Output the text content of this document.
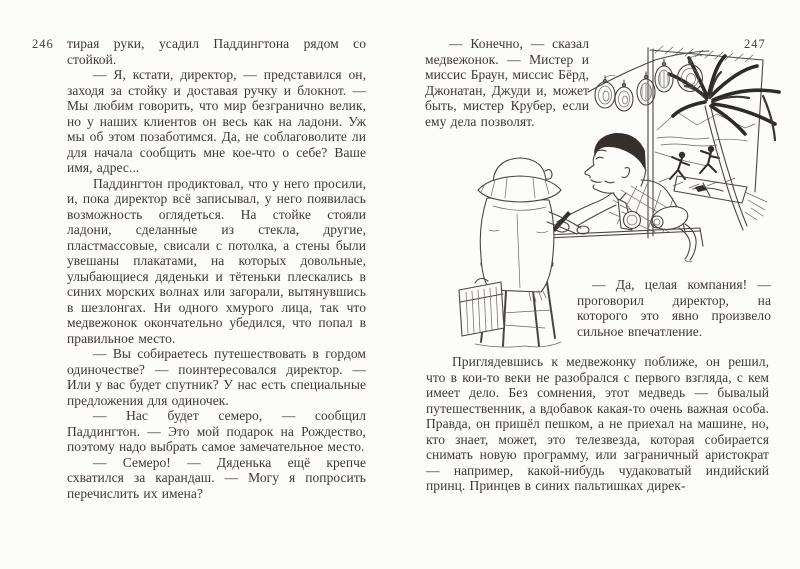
246 тирая руки, усадил Паддингтона рядом со стойкой.

— Я, кстати, директор, — представился он, заходя за стойку и доставая ручку и блокнот. — Мы любим говорить, что мир безгранично велик, но у наших клиентов он весь как на ладони. Уж мы об этом позаботимся. Да, не соблаговолите ли для начала сообщить мне кое-что о себе? Ваше имя, адрес...

Паддингтон продиктовал, что у него просили, и, пока директор всё записывал, у него появилась возможность оглядеться. На стойке стояли ладони, сделанные из стекла, другие, пластмассовые, свисали с потолка, а стены были увешаны плакатами, на которых довольные, улыбающиеся дяденьки и тётеньки плескались в синих морских волнах или загорали, вытянувшись в шезлонгах. Ни одного хмурого лица, так что медвежонок окончательно убедился, что попал в правильное место.

— Вы собираетесь путешествовать в гордом одиночестве? — поинтересовался директор. — Или у вас будет спутник? У нас есть специальные предложения для одиночек.

— Нас будет семеро, — сообщил Паддингтон. — Это мой подарок на Рождество, поэтому надо выбрать самое замечательное место.

— Семеро! — Дяденька ещё крепче схватился за карандаш. — Могу я попросить перечислить их имена?

247

— Конечно, — сказал медвежонок. — Мистер и миссис Браун, миссис Бёрд, Джонатан, Джуди и, может быть, мистер Крубер, если ему дела позволят.

— Да, целая компания! — проговорил директор, на которого это явно произвело сильное впечатление.

Приглядевшись к медвежонку поближе, он решил, что в кои-то веки не разобрался с первого взгляда, с кем имеет дело. Без сомнения, этот медведь — бывалый путешественник, а вдобавок какая-то очень важная особа. Правда, он пришёл пешком, а не приехал на машине, но, кто знает, может, это телезвезда, которая собирается снимать новую программу, или заграничный аристократ — например, какой-нибудь чудаковатый индийский принц. Принцев в синих пальтишках дирек-
